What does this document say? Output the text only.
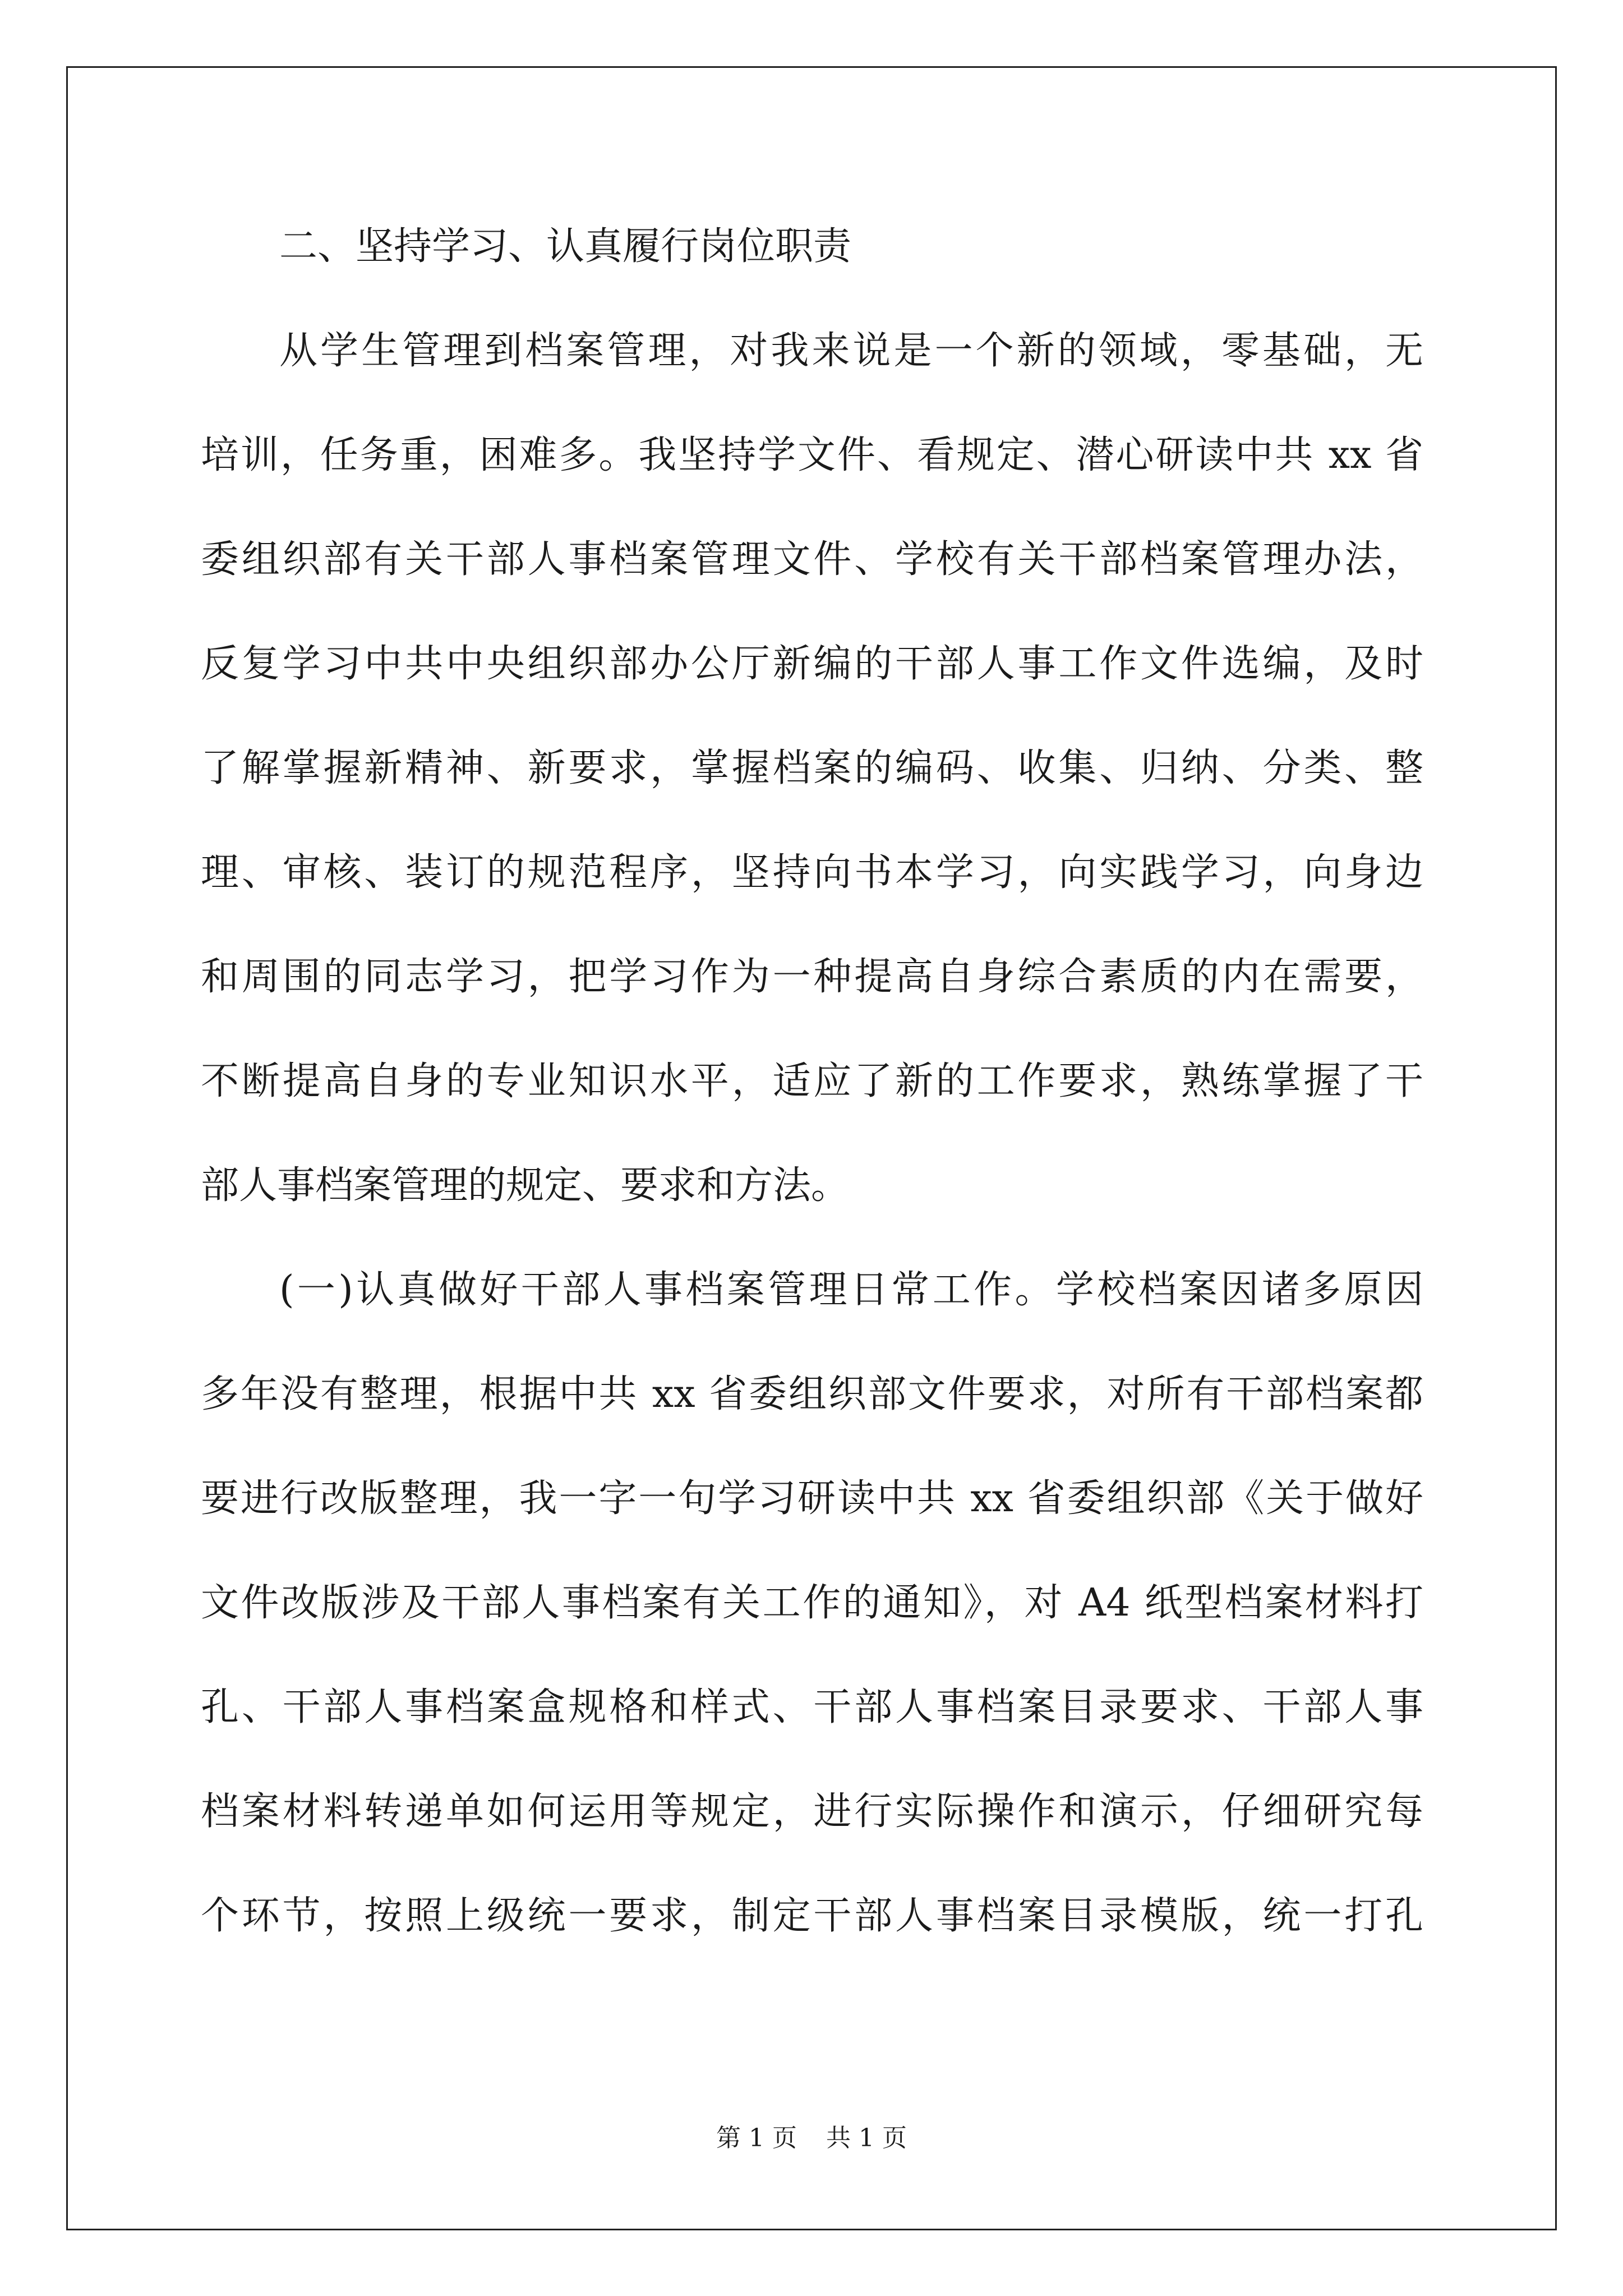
二、坚持学习、认真履行岗位职责
从学生管理到档案管理，对我来说是一个新的领域，零基础，无
培训，任务重，困难多。我坚持学文件、看规定、潜心研读中共 xx 省
委组织部有关干部人事档案管理文件、学校有关干部档案管理办法，
反复学习中共中央组织部办公厅新编的干部人事工作文件选编，及时
了解掌握新精神、新要求，掌握档案的编码、收集、归纳、分类、整
理、审核、装订的规范程序，坚持向书本学习，向实践学习，向身边
和周围的同志学习，把学习作为一种提高自身综合素质的内在需要，
不断提高自身的专业知识水平，适应了新的工作要求，熟练掌握了干
部人事档案管理的规定、要求和方法。
(一)认真做好干部人事档案管理日常工作。学校档案因诸多原因
多年没有整理，根据中共 xx 省委组织部文件要求，对所有干部档案都
要进行改版整理，我一字一句学习研读中共 xx 省委组织部《关于做好
文件改版涉及干部人事档案有关工作的通知》，对 A4 纸型档案材料打
孔、干部人事档案盒规格和样式、干部人事档案目录要求、干部人事
档案材料转递单如何运用等规定，进行实际操作和演示，仔细研究每
个环节，按照上级统一要求，制定干部人事档案目录模版，统一打孔
第 1 页 共 1 页
